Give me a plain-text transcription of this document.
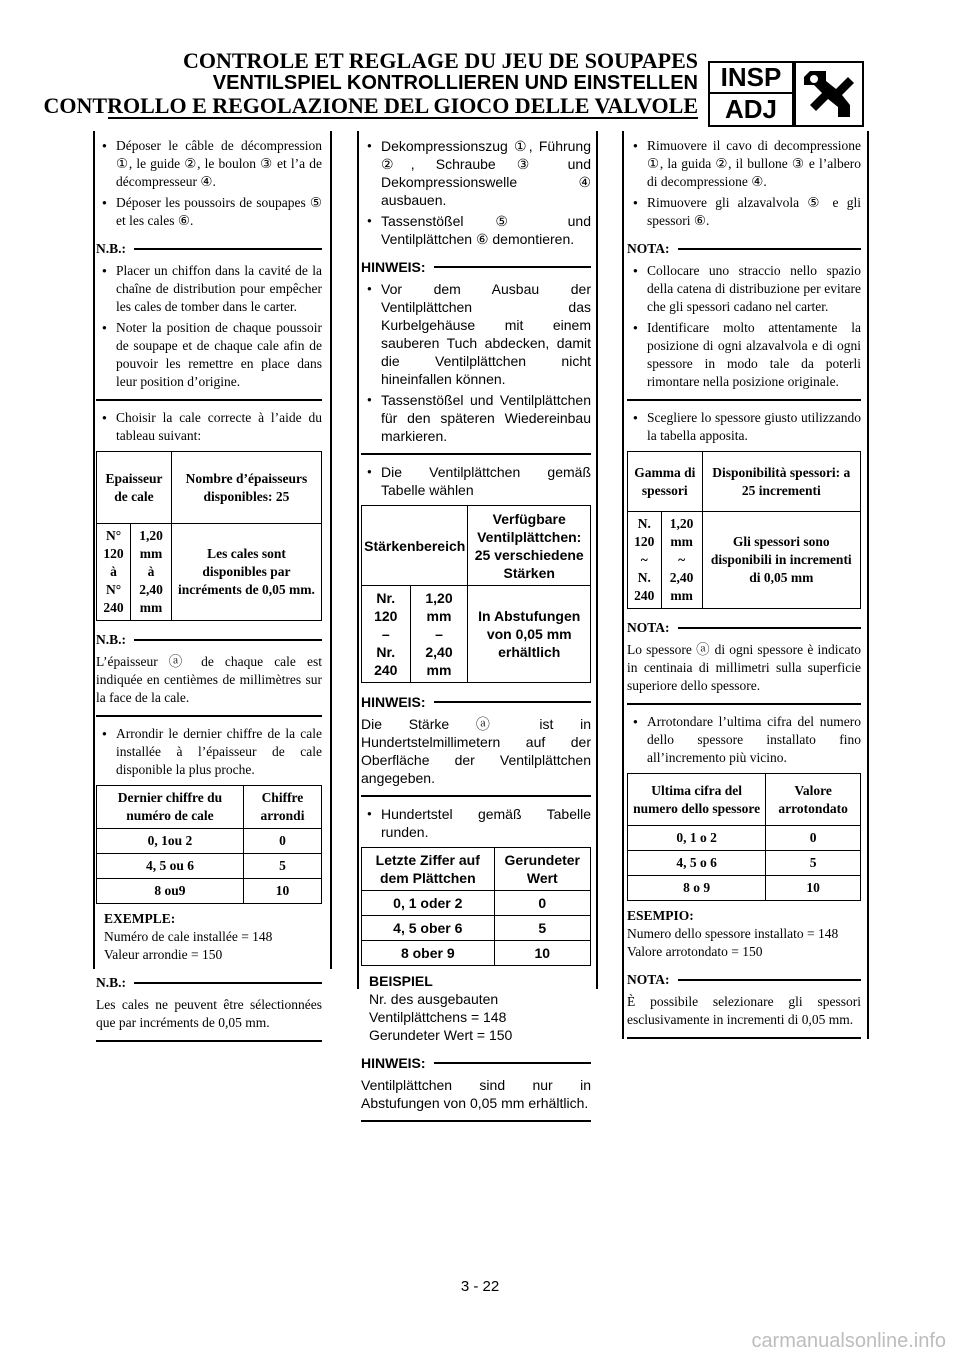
CONTROLE ET REGLAGE DU JEU DE SOUPAPES
VENTILSPIEL KONTROLLIEREN UND EINSTELLEN
CONTROLLO E REGOLAZIONE DEL GIOCO DELLE VALVOLE
INSP
ADJ
● Déposer le câble de décompression ①, le guide ②, le boulon ③ et l’a de décompresseur ④.
● Déposer les poussoirs de soupapes ⑤ et les cales ⑥.
N.B.:
● Placer un chiffon dans la cavité de la chaîne de distribution pour empêcher les cales de tomber dans le carter.
● Noter la position de chaque poussoir de soupape et de chaque cale afin de pouvoir les remettre en place dans leur position d’origine.
● Choisir la cale correcte à l’aide du tableau suivant:
Epaisseur de cale		Nombre d’épaisseurs disponibles: 25
N° 120
à
N° 240	1,20 mm
à
2,40 mm	Les cales sont disponibles par incréments de 0,05 mm.
N.B.:
L’épaisseur ⓐ de chaque cale est indiquée en centièmes de millimètres sur la face de la cale.
● Arrondir le dernier chiffre de la cale installée à l’épaisseur de cale disponible la plus proche.
Dernier chiffre du numéro de cale	Chiffre arrondi
0, 1ou 2	0
4, 5 ou 6	5
8 ou9	10
EXEMPLE:
Numéro de cale installée = 148
Valeur arrondie = 150
N.B.:
Les cales ne peuvent être sélectionnées que par incréments de 0,05 mm.
● Dekompressionszug ①, Führung ②, Schraube ③ und Dekompressionswelle ④ ausbauen.
● Tassenstößel ⑤ und Ventilplättchen ⑥ demontieren.
HINWEIS:
● Vor dem Ausbau der Ventilplättchen das Kurbelgehäuse mit einem sauberen Tuch abdecken, damit die Ventilplättchen nicht hineinfallen können.
● Tassenstößel und Ventilplättchen für den späteren Wiedereinbau markieren.
● Die Ventilplättchen gemäß Tabelle wählen
Stärkenbereich		Verfügbare Ventilplättchen: 25 verschiedene Stärken
Nr. 120
–
Nr. 240	1,20 mm
–
2,40 mm	In Abstufungen von 0,05 mm erhältlich
HINWEIS:
Die Stärke ⓐ ist in Hundertstelmillimetern auf der Oberfläche der Ventilplättchen angegeben.
● Hundertstel gemäß Tabelle runden.
Letzte Ziffer auf dem Plättchen	Gerundeter Wert
0, 1 oder 2	0
4, 5 ober 6	5
8 ober 9	10
BEISPIEL
Nr. des ausgebauten Ventilplättchens = 148
Gerundeter Wert = 150
HINWEIS:
Ventilplättchen sind nur in Abstufungen von 0,05 mm erhältlich.
● Rimuovere il cavo di decompressione ①, la guida ②, il bullone ③ e l’albero di decompressione ④.
● Rimuovere gli alzavalvola ⑤ e gli spessori ⑥.
NOTA:
● Collocare uno straccio nello spazio della catena di distribuzione per evitare che gli spessori cadano nel carter.
● Identificare molto attentamente la posizione di ogni alzavalvola e di ogni spessore in modo tale da poterli rimontare nella posizione originale.
● Scegliere lo spessore giusto utilizzando la tabella apposita.
Gamma di spessori		Disponibilità spessori: a 25 incrementi
N. 120
~
N. 240	1,20 mm
~
2,40 mm	Gli spessori sono disponibili in incrementi di 0,05 mm
NOTA:
Lo spessore ⓐ di ogni spessore è indicato in centinaia di millimetri sulla superficie superiore dello spessore.
● Arrotondare l’ultima cifra del numero dello spessore installato fino all’incremento più vicino.
Ultima cifra del numero dello spessore	Valore arrotondato
0, 1 o 2	0
4, 5 o 6	5
8 o 9	10
ESEMPIO:
Numero dello spessore installato = 148
Valore arrotondato = 150
NOTA:
È possibile selezionare gli spessori esclusivamente in incrementi di 0,05 mm.
3 - 22
carmanualsonline.info
